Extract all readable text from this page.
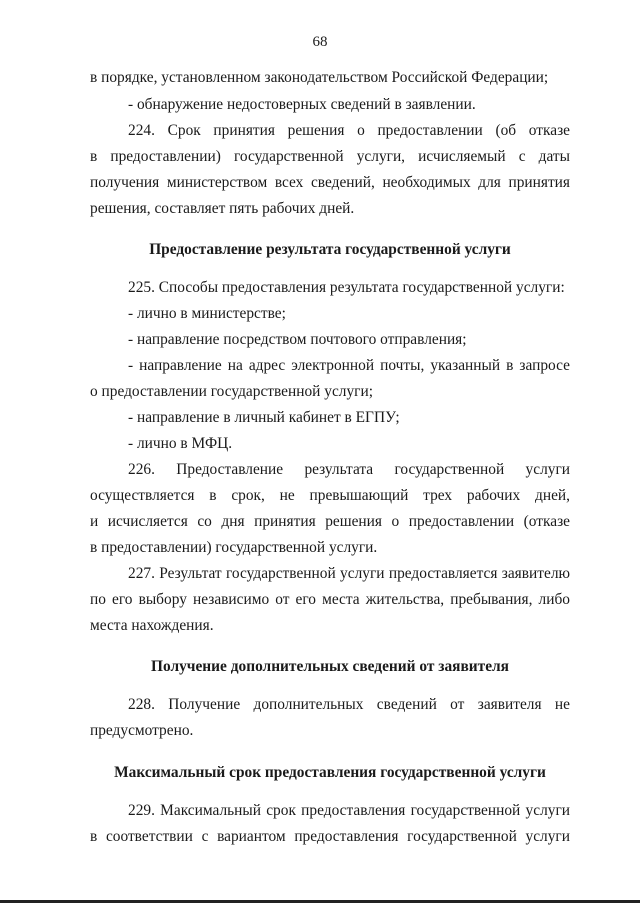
68
в порядке, установленном законодательством Российской Федерации;
- обнаружение недостоверных сведений в заявлении.
224. Срок принятия решения о предоставлении (об отказе
в предоставлении) государственной услуги, исчисляемый с даты
получения министерством всех сведений, необходимых для принятия
решения, составляет пять рабочих дней.
Предоставление результата государственной услуги
225. Способы предоставления результата государственной услуги:
- лично в министерстве;
- направление посредством почтового отправления;
- направление на адрес электронной почты, указанный в запросе
о предоставлении государственной услуги;
- направление в личный кабинет в ЕГПУ;
- лично в МФЦ.
226. Предоставление результата государственной услуги
осуществляется в срок, не превышающий трех рабочих дней,
и исчисляется со дня принятия решения о предоставлении (отказе
в предоставлении) государственной услуги.
227. Результат государственной услуги предоставляется заявителю
по его выбору независимо от его места жительства, пребывания, либо
места нахождения.
Получение дополнительных сведений от заявителя
228. Получение дополнительных сведений от заявителя не
предусмотрено.
Максимальный срок предоставления государственной услуги
229. Максимальный срок предоставления государственной услуги
в соответствии с вариантом предоставления государственной услуги
